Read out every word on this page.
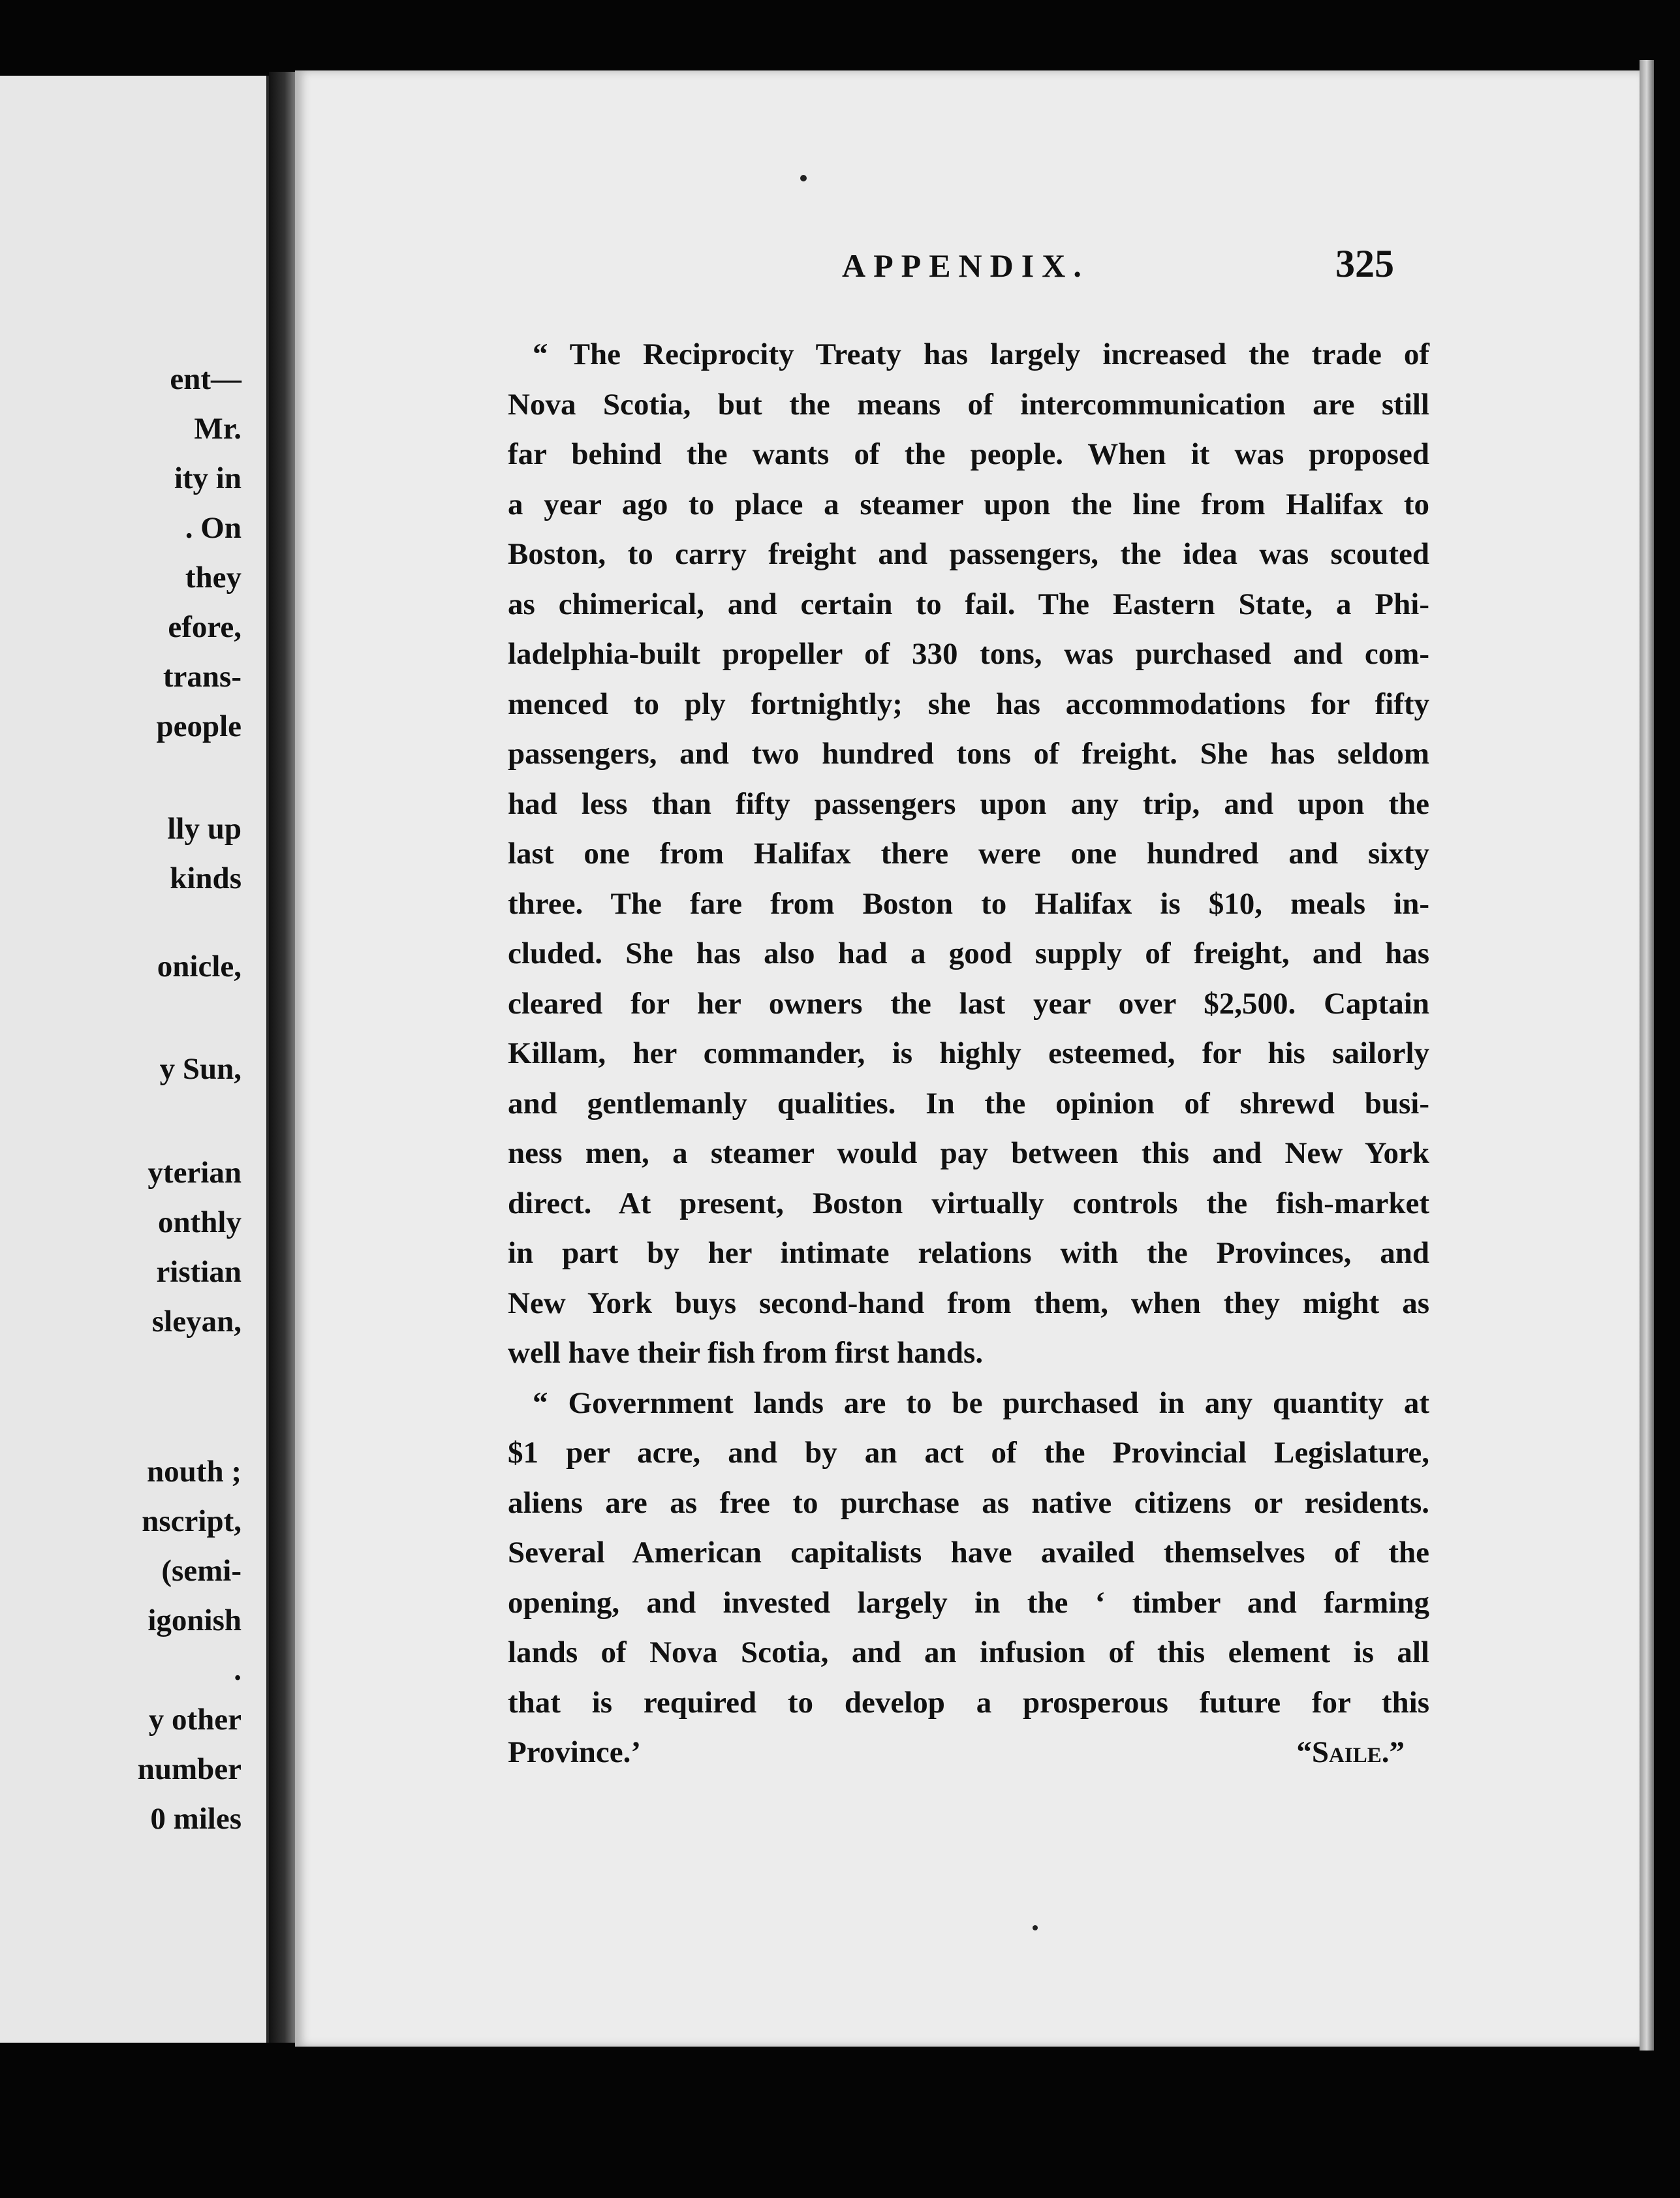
ent—
Mr.
ity in
. On
they
efore,
trans-
people
lly up
kinds
onicle,
y Sun,
yterian
onthly
ristian
sleyan,
nouth ;
nscript,
(semi-
igonish
.
y other
number
0 miles
APPENDIX.	325
“ The Reciprocity Treaty has largely increased the trade of
Nova Scotia, but the means of intercommunication are still
far behind the wants of the people. When it was proposed
a year ago to place a steamer upon the line from Halifax to
Boston, to carry freight and passengers, the idea was scouted
as chimerical, and certain to fail. The Eastern State, a Phi-
ladelphia-built propeller of 330 tons, was purchased and com-
menced to ply fortnightly; she has accommodations for fifty
passengers, and two hundred tons of freight. She has seldom
had less than fifty passengers upon any trip, and upon the
last one from Halifax there were one hundred and sixty
three. The fare from Boston to Halifax is $10, meals in-
cluded. She has also had a good supply of freight, and has
cleared for her owners the last year over $2,500. Captain
Killam, her commander, is highly esteemed, for his sailorly
and gentlemanly qualities. In the opinion of shrewd busi-
ness men, a steamer would pay between this and New York
direct. At present, Boston virtually controls the fish-market
in part by her intimate relations with the Provinces, and
New York buys second-hand from them, when they might as
well have their fish from first hands.
“ Government lands are to be purchased in any quantity at
$1 per acre, and by an act of the Provincial Legislature,
aliens are as free to purchase as native citizens or residents.
Several American capitalists have availed themselves of the
opening, and invested largely in the ‘ timber and farming
lands of Nova Scotia, and an infusion of this element is all
that is required to develop a prosperous future for this
Province.’	“Saile.”
